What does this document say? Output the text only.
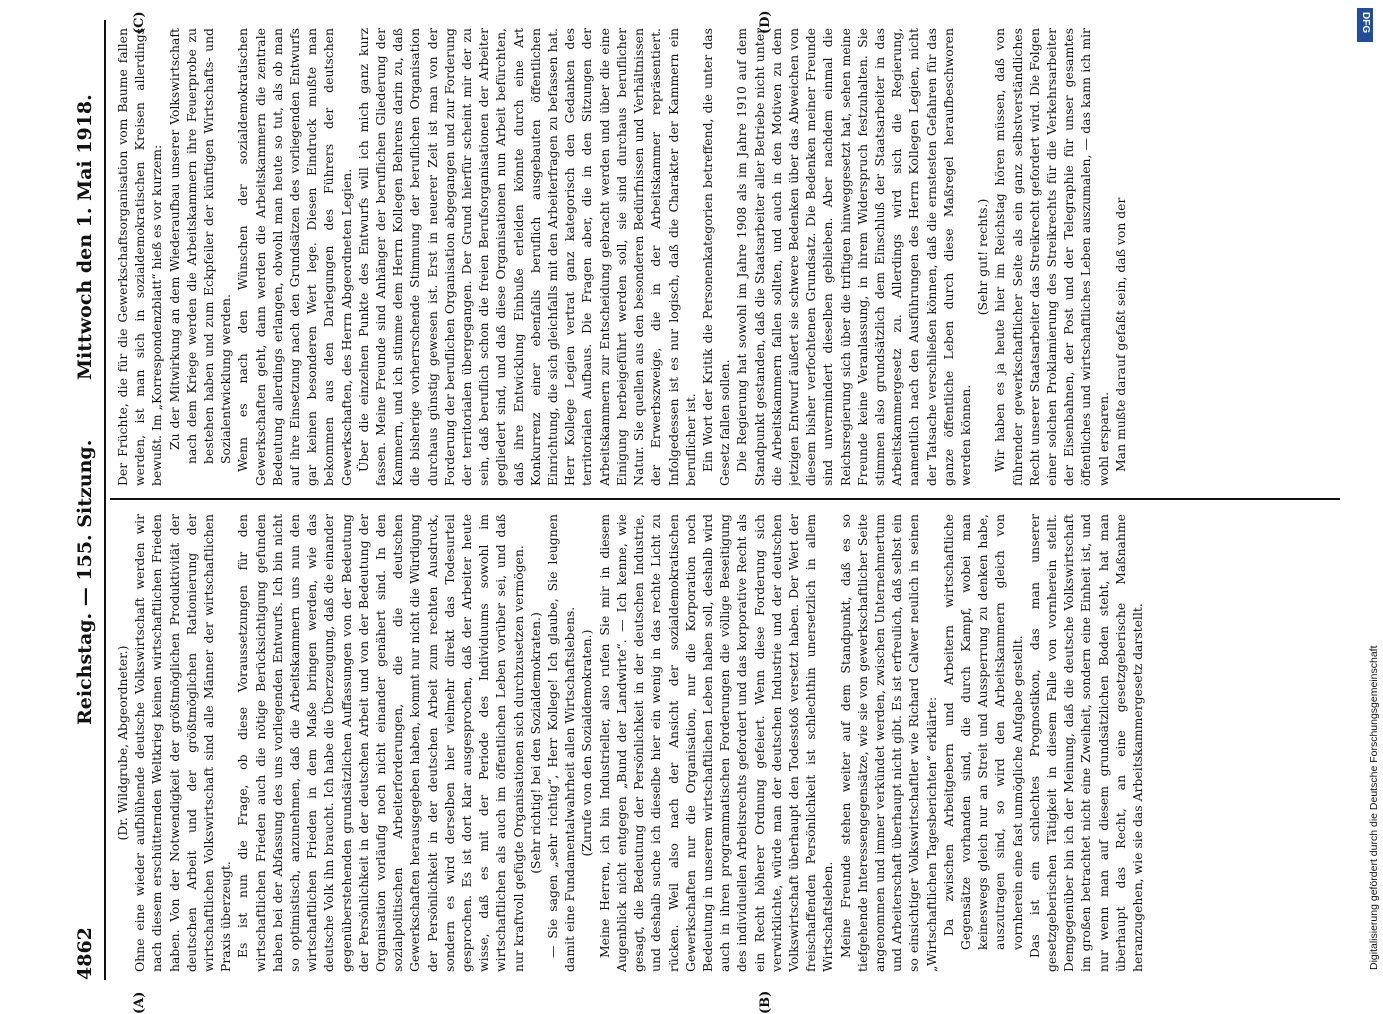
4862
Reichstag. — 155. Sitzung.
Mittwoch den 1. Mai 1918.
(A)	(B)
(C)	(D)

(Dr. Wildgrube, Abgeordneter.) Ohne eine wieder aufblühende deutsche Volkswirtschaft werden wir nach diesem erschütternden Weltkrieg keinen wirtschaftlichen Frieden haben. Von der Notwendigkeit der größtmöglichen Produktivität der deutschen Arbeit und der größtmöglichen Rationierung der wirtschaftlichen Volkswirtschaft sind alle Männer der wirtschaftlichen Praxis überzeugt. Es ist nun die Frage, ob diese Voraussetzungen für den wirtschaftlichen Frieden auch die nötige Berücksichtigung gefunden haben bei der Abfassung des uns vorliegenden Entwurfs. Ich bin nicht so optimistisch, anzunehmen, daß die Arbeitskammern uns nun den wirtschaftlichen Frieden in dem Maße bringen werden, wie das deutsche Volk ihn braucht. Ich habe die Überzeugung, daß die einander gegenüberstehenden grundsätzlichen Auffassungen von der Bedeutung der Persönlichkeit in der deutschen Arbeit und von der Bedeutung der Organisation vorläufig noch nicht einander genähert sind. In den sozialpolitischen Arbeiterforderungen, die die deutschen Gewerkschaften herausgegeben haben, kommt nur nicht die Würdigung der Persönlichkeit in der deutschen Arbeit zum rechten Ausdruck, sondern es wird derselben hier vielmehr direkt das Todesurteil gesprochen. Es ist dort klar ausgesprochen, daß der Arbeiter heute wisse, daß es mit der Periode des Individuums sowohl im wirtschaftlichen als auch im öffentlichen Leben vorüber sei, und daß nur kraftvoll gefügte Organisationen sich durchzusetzen vermögen. (Sehr richtig! bei den Sozialdemokraten.) — Sie sagen „sehr richtig“, Herr Kollege! Ich glaube, Sie leugnen damit eine Fundamentalwahrheit allen Wirtschaftslebens. (Zurufe von den Sozialdemokraten.) Meine Herren, ich bin Industrieller, also rufen Sie mir in diesem Augenblick nicht entgegen „Bund der Landwirte“. — Ich kenne, wie gesagt, die Bedeutung der Persönlichkeit in der deutschen Industrie, und deshalb suche ich dieselbe hier ein wenig in das rechte Licht zu rücken. Weil also nach der Ansicht der sozialdemokratischen Gewerkschaften nur die Organisation, nur die Korporation noch Bedeutung in unserem wirtschaftlichen Leben haben soll, deshalb wird auch in ihren programmatischen Forderungen die völlige Beseitigung des individuellen Arbeitsrechts gefordert und das korporative Recht als ein Recht höherer Ordnung gefeiert. Wenn diese Forderung sich verwirklichte, würde man der deutschen Industrie und der deutschen Volkswirtschaft überhaupt den Todesstoß versetzt haben. Der Wert der freischaffenden Persönlichkeit ist schlechthin unersetzlich in allem Wirtschaftsleben. Meine Freunde stehen weiter auf dem Standpunkt, daß es so tiefgehende Interessengegensätze, wie sie von gewerkschaftlicher Seite angenommen und immer verkündet werden, zwischen Unternehmertum und Arbeiterschaft überhaupt nicht gibt. Es ist erfreulich, daß selbst ein so einsichtiger Volkswirtschaftler wie Richard Calwer neulich in seinen „Wirtschaftlichen Tagesberichten“ erklärte: Da zwischen Arbeitgebern und Arbeitern wirtschaftliche Gegensätze vorhanden sind, die durch Kampf, wobei man keineswegs gleich nur an Streit und Aussperrung zu denken habe, auszutragen sind, so wird den Arbeitskammern gleich von vornherein eine fast unmögliche Aufgabe gestellt. Das ist ein schlechtes Prognostikon, das man unserer gesetzgeberischen Tätigkeit in diesem Falle von vornherein stellt. Demgegenüber bin ich der Meinung, daß die deutsche Volkswirtschaft im großen betrachtet nicht eine Zweiheit, sondern eine Einheit ist, und nur wenn man auf diesem grundsätzlichen Boden steht, hat man überhaupt das Recht, an eine gesetzgeberische Maßnahme heranzugehen, wie sie das Arbeitskammergesetz darstellt.

Der Früchte, die für die Gewerkschaftsorganisation vom Baume fallen werden, ist man sich in sozialdemokratischen Kreisen allerdings bewußt. Im „Korrespondenzblatt“ hieß es vor kurzem: Zu der Mitwirkung an dem Wiederaufbau unserer Volkswirtschaft nach dem Kriege werden die Arbeitskammern ihre Feuerprobe zu bestehen haben und zum Eckpfeiler der künftigen Wirtschafts- und Sozialentwicklung werden. Wenn es nach den Wünschen der sozialdemokratischen Gewerkschaften geht, dann werden die Arbeitskammern die zentrale Bedeutung allerdings erlangen, obwohl man heute so tut, als ob man auf ihre Einsetzung nach den Grundsätzen des vorliegenden Entwurfs gar keinen besonderen Wert lege. Diesen Eindruck mußte man bekommen aus den Darlegungen des Führers der deutschen Gewerkschaften, des Herrn Abgeordneten Legien. Über die einzelnen Punkte des Entwurfs will ich mich ganz kurz fassen. Meine Freunde sind Anhänger der beruflichen Gliederung der Kammern, und ich stimme dem Herrn Kollegen Behrens darin zu, daß die bisherige vorherrschende Stimmung der beruflichen Organisation durchaus günstig gewesen ist. Erst in neuerer Zeit ist man von der Forderung der beruflichen Organisation abgegangen und zur Forderung der territorialen übergegangen. Der Grund hierfür scheint mir der zu sein, daß beruflich schon die freien Berufsorganisationen der Arbeiter gegliedert sind, und daß diese Organisationen nun Arbeit befürchten, daß ihre Entwicklung Einbuße erleiden könnte durch eine Art Konkurrenz einer ebenfalls beruflich ausgebauten öffentlichen Einrichtung, die sich gleichfalls mit den Arbeiterfragen zu befassen hat. Herr Kollege Legien vertrat ganz kategorisch den Gedanken des territorialen Aufbaus. Die Fragen aber, die in den Sitzungen der Arbeitskammern zur Entscheidung gebracht werden und über die eine Einigung herbeigeführt werden soll, sie sind durchaus beruflicher Natur. Sie quellen aus den besonderen Bedürfnissen und Verhältnissen der Erwerbszweige, die in der Arbeitskammer repräsentiert. Infolgedessen ist es nur logisch, daß die Charakter der Kammern ein beruflicher ist. Ein Wort der Kritik die Personenkategorien betreffend, die unter das Gesetz fallen sollen. Die Regierung hat sowohl im Jahre 1908 als im Jahre 1910 auf dem Standpunkt gestanden, daß die Staatsarbeiter aller Betriebe nicht unter die Arbeitskammern fallen sollten, und auch in den Motiven zu dem jetzigen Entwurf äußert sie schwere Bedenken über das Abweichen von diesem bisher verfochtenen Grundsatz. Die Bedenken meiner Freunde sind unvermindert dieselben geblieben. Aber nachdem einmal die Reichsregierung sich über die triftigen hinweggesetzt hat, sehen meine Freunde keine Veranlassung, in ihrem Widerspruch festzuhalten. Sie stimmen also grundsätzlich dem Einschluß der Staatsarbeiter in das Arbeitskammergesetz zu. Allerdings wird sich die Regierung, namentlich nach den Ausführungen des Herrn Kollegen Legien, nicht der Tatsache verschließen können, daß die ernstesten Gefahren für das ganze öffentliche Leben durch diese Maßregel heraufbeschworen werden können.

(Sehr gut! rechts.) Wir haben es ja heute hier im Reichstag hören müssen, daß von führender gewerkschaftlicher Seite als ein ganz selbstverständliches Recht unserer Staatsarbeiter das Streikrecht gefordert wird. Die Folgen einer solchen Proklamierung des Streikrechts für die Verkehrsarbeiter der Eisenbahnen, der Post und der Telegraphie für unser gesamtes öffentliches und wirtschaftliches Leben auszumalen, — das kann ich mir wohl ersparen. Man mußte darauf gefaßt sein, daß von der

Digitalisierung gefördert durch die Deutsche Forschungsgemeinschaft
DFG
